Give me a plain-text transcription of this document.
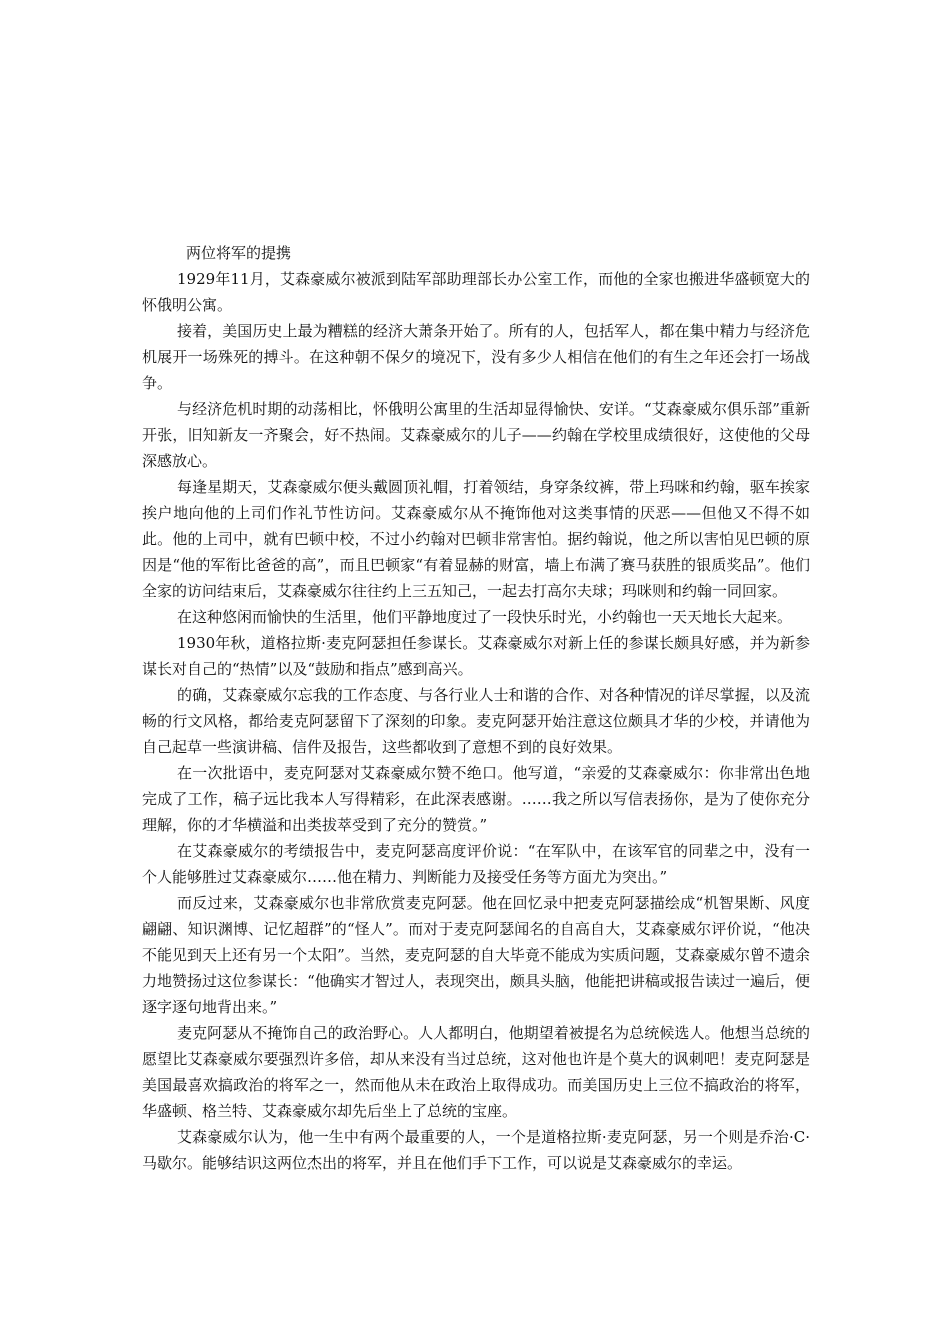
两位将军的提携

1929年11月，艾森豪威尔被派到陆军部助理部长办公室工作，而他的全家也搬进华盛顿宽大的怀俄明公寓。

接着，美国历史上最为糟糕的经济大萧条开始了。所有的人，包括军人，都在集中精力与经济危机展开一场殊死的搏斗。在这种朝不保夕的境况下，没有多少人相信在他们的有生之年还会打一场战争。

与经济危机时期的动荡相比，怀俄明公寓里的生活却显得愉快、安详。“艾森豪威尔俱乐部”重新开张，旧知新友一齐聚会，好不热闹。艾森豪威尔的儿子——约翰在学校里成绩很好，这使他的父母深感放心。

每逢星期天，艾森豪威尔便头戴圆顶礼帽，打着领结，身穿条纹裤，带上玛咪和约翰，驱车挨家挨户地向他的上司们作礼节性访问。艾森豪威尔从不掩饰他对这类事情的厌恶——但他又不得不如此。他的上司中，就有巴顿中校，不过小约翰对巴顿非常害怕。据约翰说，他之所以害怕见巴顿的原因是“他的军衔比爸爸的高”，而且巴顿家“有着显赫的财富，墙上布满了赛马获胜的银质奖品”。他们全家的访问结束后，艾森豪威尔往往约上三五知己，一起去打高尔夫球；玛咪则和约翰一同回家。

在这种悠闲而愉快的生活里，他们平静地度过了一段快乐时光，小约翰也一天天地长大起来。

1930年秋，道格拉斯·麦克阿瑟担任参谋长。艾森豪威尔对新上任的参谋长颇具好感，并为新参谋长对自己的“热情”以及“鼓励和指点”感到高兴。

的确，艾森豪威尔忘我的工作态度、与各行业人士和谐的合作、对各种情况的详尽掌握，以及流畅的行文风格，都给麦克阿瑟留下了深刻的印象。麦克阿瑟开始注意这位颇具才华的少校，并请他为自己起草一些演讲稿、信件及报告，这些都收到了意想不到的良好效果。

在一次批语中，麦克阿瑟对艾森豪威尔赞不绝口。他写道，“亲爱的艾森豪威尔：你非常出色地完成了工作，稿子远比我本人写得精彩，在此深表感谢。……我之所以写信表扬你，是为了使你充分理解，你的才华横溢和出类拔萃受到了充分的赞赏。”

在艾森豪威尔的考绩报告中，麦克阿瑟高度评价说：“在军队中，在该军官的同辈之中，没有一个人能够胜过艾森豪威尔……他在精力、判断能力及接受任务等方面尤为突出。”

而反过来，艾森豪威尔也非常欣赏麦克阿瑟。他在回忆录中把麦克阿瑟描绘成“机智果断、风度翩翩、知识渊博、记忆超群”的“怪人”。而对于麦克阿瑟闻名的自高自大，艾森豪威尔评价说，“他决不能见到天上还有另一个太阳”。当然，麦克阿瑟的自大毕竟不能成为实质问题，艾森豪威尔曾不遗余力地赞扬过这位参谋长：“他确实才智过人，表现突出，颇具头脑，他能把讲稿或报告读过一遍后，便逐字逐句地背出来。”

麦克阿瑟从不掩饰自己的政治野心。人人都明白，他期望着被提名为总统候选人。他想当总统的愿望比艾森豪威尔要强烈许多倍，却从来没有当过总统，这对他也许是个莫大的讽刺吧！麦克阿瑟是美国最喜欢搞政治的将军之一，然而他从未在政治上取得成功。而美国历史上三位不搞政治的将军，华盛顿、格兰特、艾森豪威尔却先后坐上了总统的宝座。

艾森豪威尔认为，他一生中有两个最重要的人，一个是道格拉斯·麦克阿瑟，另一个则是乔治·C·马歇尔。能够结识这两位杰出的将军，并且在他们手下工作，可以说是艾森豪威尔的幸运。
